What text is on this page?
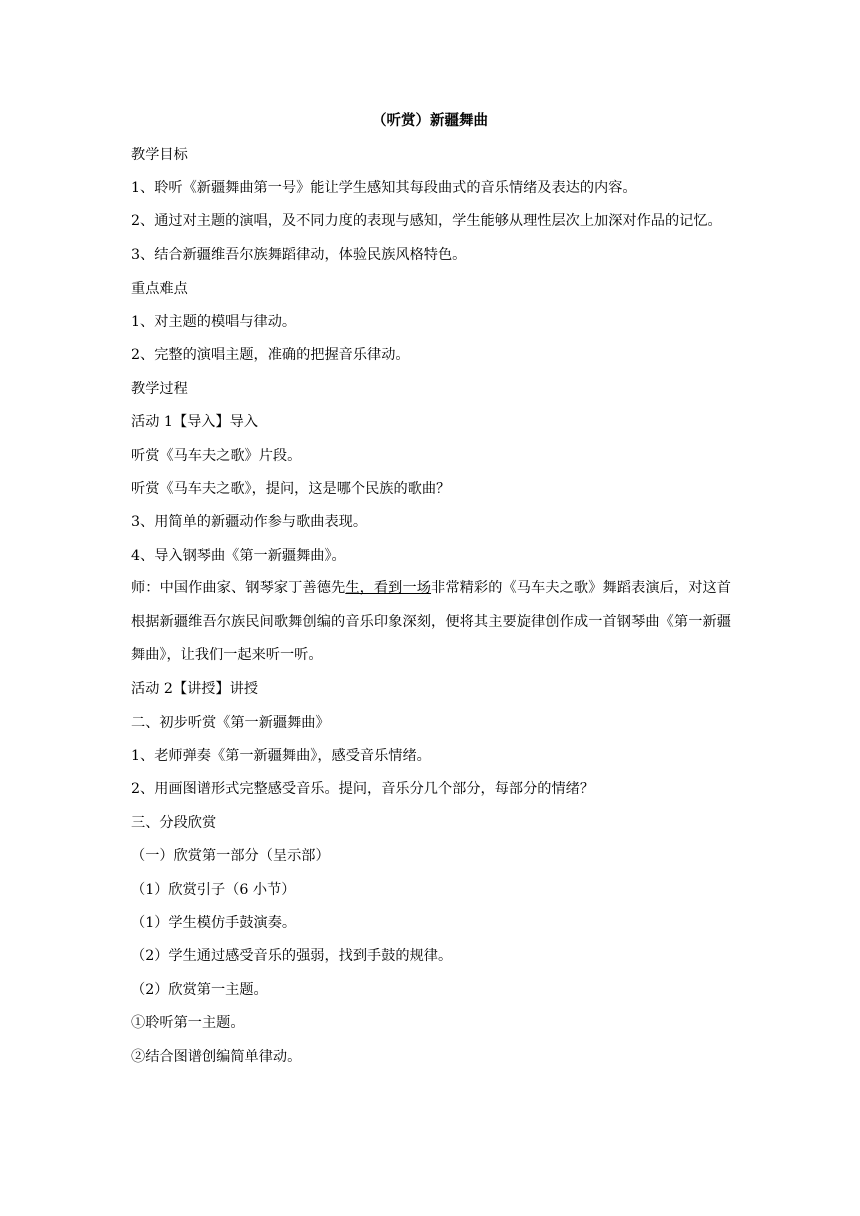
（听赏）新疆舞曲
教学目标
1、聆听《新疆舞曲第一号》能让学生感知其每段曲式的音乐情绪及表达的内容。
2、通过对主题的演唱，及不同力度的表现与感知，学生能够从理性层次上加深对作品的记忆。
3、结合新疆维吾尔族舞蹈律动，体验民族风格特色。
重点难点
1、对主题的模唱与律动。
2、完整的演唱主题，准确的把握音乐律动。
教学过程
活动 1【导入】导入
听赏《马车夫之歌》片段。
听赏《马车夫之歌》，提问，这是哪个民族的歌曲？
3、用简单的新疆动作参与歌曲表现。
4、导入钢琴曲《第一新疆舞曲》。
师：中国作曲家、钢琴家丁善德先生，看到一场非常精彩的《马车夫之歌》舞蹈表演后，对这首根据新疆维吾尔族民间歌舞创编的音乐印象深刻，便将其主要旋律创作成一首钢琴曲《第一新疆舞曲》，让我们一起来听一听。
活动 2【讲授】讲授
二、初步听赏《第一新疆舞曲》
1、老师弹奏《第一新疆舞曲》，感受音乐情绪。
2、用画图谱形式完整感受音乐。提问，音乐分几个部分，每部分的情绪？
三、分段欣赏
（一）欣赏第一部分（呈示部）
（1）欣赏引子（6 小节）
（1）学生模仿手鼓演奏。
（2）学生通过感受音乐的强弱，找到手鼓的规律。
（2）欣赏第一主题。
①聆听第一主题。
②结合图谱创编简单律动。
